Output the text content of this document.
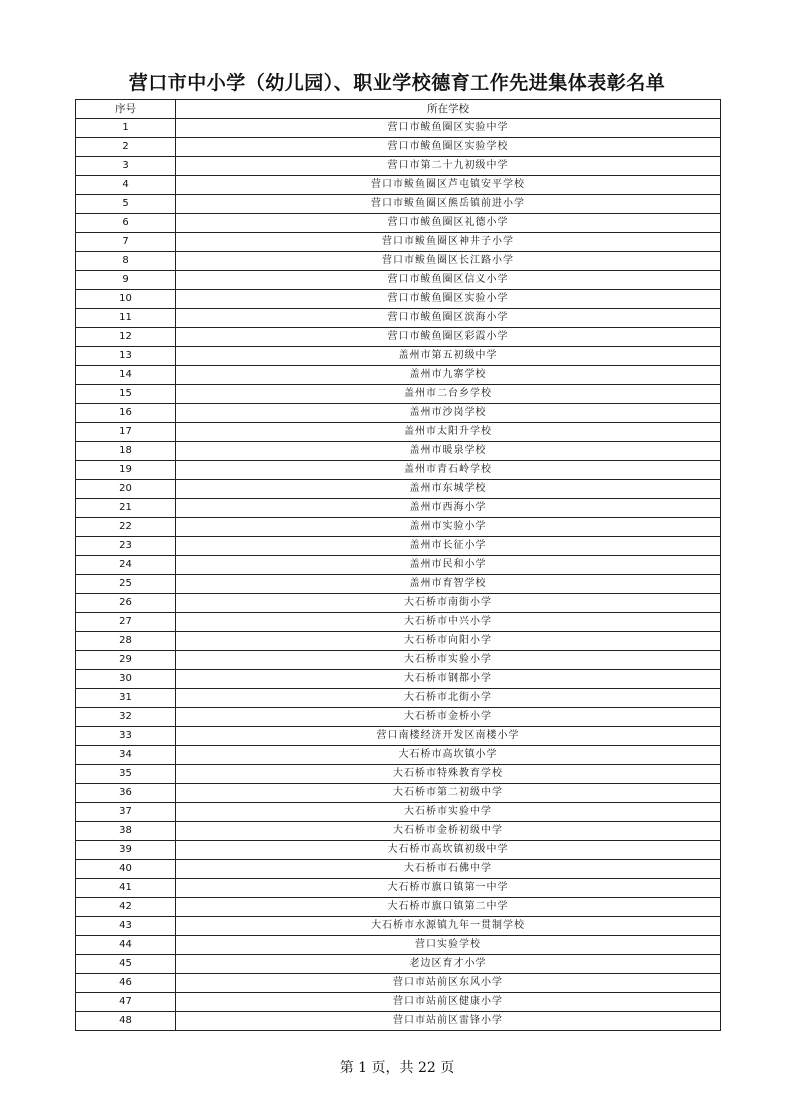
营口市中小学（幼儿园）、职业学校德育工作先进集体表彰名单
序号	所在学校
1	营口市鲅鱼圈区实验中学
2	营口市鲅鱼圈区实验学校
3	营口市第二十九初级中学
4	营口市鲅鱼圈区芦屯镇安平学校
5	营口市鲅鱼圈区熊岳镇前进小学
6	营口市鲅鱼圈区礼德小学
7	营口市鲅鱼圈区神井子小学
8	营口市鲅鱼圈区长江路小学
9	营口市鲅鱼圈区信义小学
10	营口市鲅鱼圈区实验小学
11	营口市鲅鱼圈区滨海小学
12	营口市鲅鱼圈区彩霞小学
13	盖州市第五初级中学
14	盖州市九寨学校
15	盖州市二台乡学校
16	盖州市沙岗学校
17	盖州市太阳升学校
18	盖州市暖泉学校
19	盖州市青石岭学校
20	盖州市东城学校
21	盖州市西海小学
22	盖州市实验小学
23	盖州市长征小学
24	盖州市民和小学
25	盖州市育智学校
26	大石桥市南街小学
27	大石桥市中兴小学
28	大石桥市向阳小学
29	大石桥市实验小学
30	大石桥市钢都小学
31	大石桥市北街小学
32	大石桥市金桥小学
33	营口南楼经济开发区南楼小学
34	大石桥市高坎镇小学
35	大石桥市特殊教育学校
36	大石桥市第二初级中学
37	大石桥市实验中学
38	大石桥市金桥初级中学
39	大石桥市高坎镇初级中学
40	大石桥市石佛中学
41	大石桥市旗口镇第一中学
42	大石桥市旗口镇第二中学
43	大石桥市水源镇九年一贯制学校
44	营口实验学校
45	老边区育才小学
46	营口市站前区东风小学
47	营口市站前区健康小学
48	营口市站前区雷锋小学
第 1 页，共 22 页
